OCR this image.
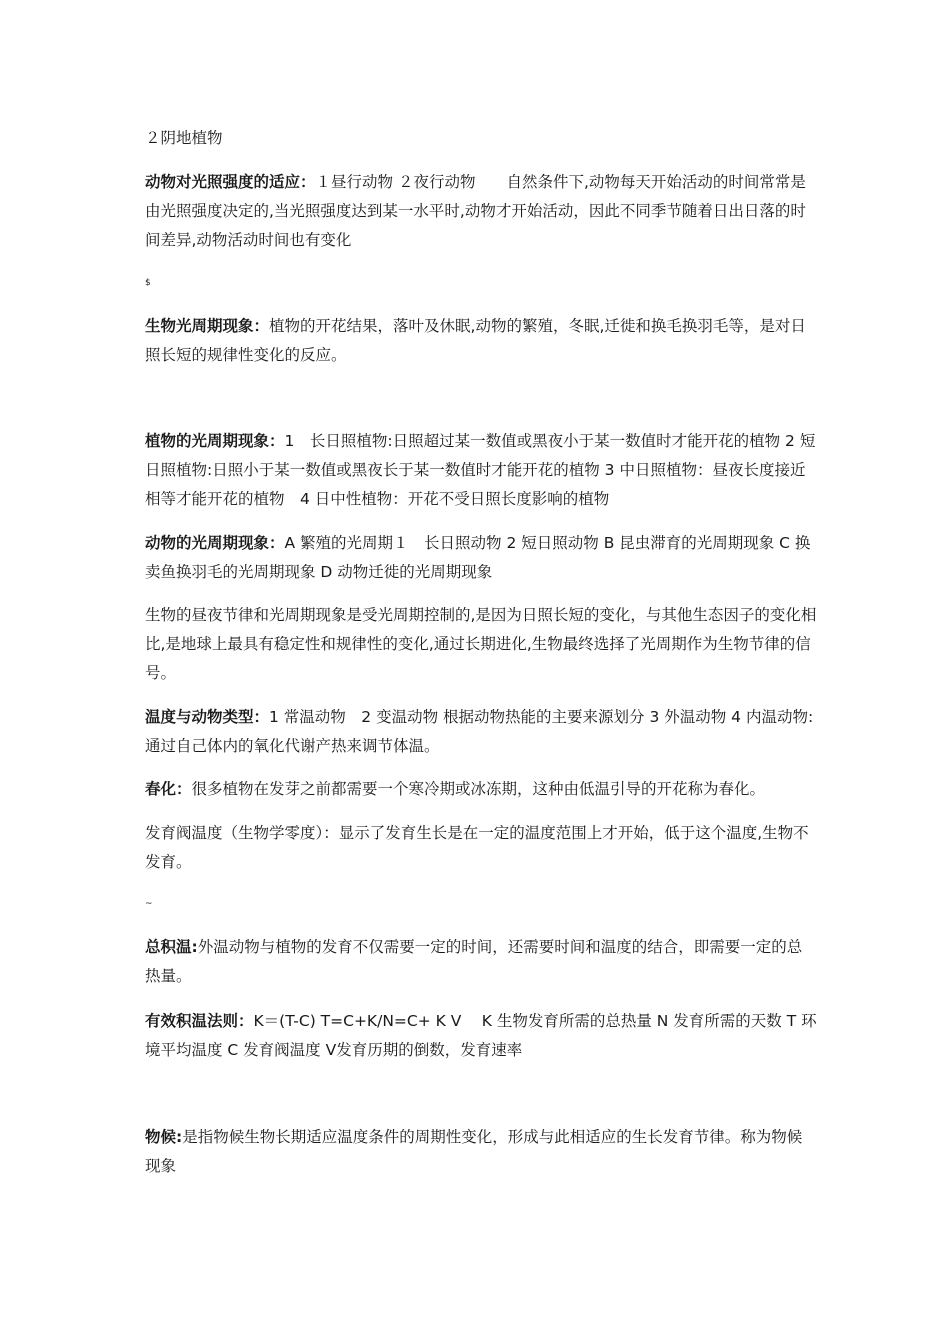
２阴地植物

动物对光照强度的适应：１昼行动物 ２夜行动物　　自然条件下,动物每天开始活动的时间常常是由光照强度决定的,当光照强度达到某一水平时,动物才开始活动，因此不同季节随着日出日落的时间差异,动物活动时间也有变化

$

生物光周期现象：植物的开花结果，落叶及休眠,动物的繁殖，冬眠,迁徙和换毛换羽毛等，是对日照长短的规律性变化的反应。

植物的光周期现象：1　长日照植物:日照超过某一数值或黑夜小于某一数值时才能开花的植物 2 短日照植物:日照小于某一数值或黑夜长于某一数值时才能开花的植物 3 中日照植物：昼夜长度接近相等才能开花的植物　4 日中性植物：开花不受日照长度影响的植物

动物的光周期现象：A 繁殖的光周期１　长日照动物 2 短日照动物 B 昆虫滞育的光周期现象 C 换卖鱼换羽毛的光周期现象 D 动物迁徙的光周期现象

生物的昼夜节律和光周期现象是受光周期控制的,是因为日照长短的变化，与其他生态因子的变化相比,是地球上最具有稳定性和规律性的变化,通过长期进化,生物最终选择了光周期作为生物节律的信号。

温度与动物类型：1 常温动物　2 变温动物 根据动物热能的主要来源划分 3 外温动物 4 内温动物:通过自己体内的氧化代谢产热来调节体温。

春化：很多植物在发芽之前都需要一个寒冷期或冰冻期，这种由低温引导的开花称为春化。

发育阀温度（生物学零度）：显示了发育生长是在一定的温度范围上才开始，低于这个温度,生物不发育。

~

总积温:外温动物与植物的发育不仅需要一定的时间，还需要时间和温度的结合，即需要一定的总热量。

有效积温法则：K＝(T-C) T=C+K/N=C+ K V　 K 生物发育所需的总热量 N 发育所需的天数 T 环境平均温度 C 发育阀温度 V发育历期的倒数，发育速率

物候:是指物候生物长期适应温度条件的周期性变化，形成与此相适应的生长发育节律。称为物候现象
